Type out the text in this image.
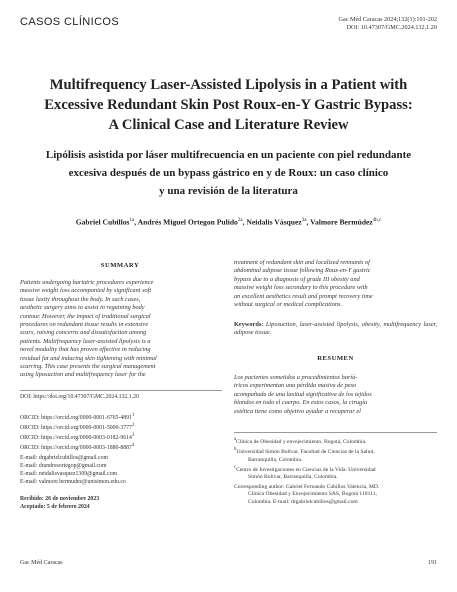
CASOS CLÍNICOS	Gac Méd Caracas 2024;132(1):191-202
DOI: 10.47307/GMC.2024.132.1.20
Multifrequency Laser-Assisted Lipolysis in a Patient with
Excessive Redundant Skin Post Roux-en-Y Gastric Bypass:
A Clinical Case and Literature Review
Lipólisis asistida por láser multifrecuencia en un paciente con piel redundante
excesiva después de un bypass gástrico en y de Roux: un caso clínico
y una revisión de la literatura
Gabriel Cubillos$^{1a}$, Andrés Miguel Ortegon Pulido$^{2a}$, Neidalis Vásquez$^{3a}$, Valmore Bermúdez$^{4b,c}$
SUMMARY
Patients undergoing bariatric procedures experience
massive weight loss accompanied by significant soft
tissue laxity throughout the body. In such cases,
aesthetic surgery aims to assist in regaining body
contour. However, the impact of traditional surgical
procedures on redundant tissue results in extensive
scars, raising concerns and dissatisfaction among
patients. Multifrequency laser-assisted lipolysis is a
novel modality that has proven effective in reducing
residual fat and inducing skin tightening with minimal
scarring. This case presents the surgical management
using liposuction and multifrequency laser for the
DOI: https://doi.org/10.47307/GMC.2024.132.1.20
ORCID: https://orcid.org/0000-0001-6765-4891$^1$
ORCID: https://orcid.org/0000-0001-5000-3777$^2$
ORCID: https://orcid.org/0000-0003-0182-9614$^3$
ORCID: https://orcid.org/0000-0003-1880-8887$^4$
E-mail: drgabrielcubillos@gmail.com
E-mail: drandresortegop@gmail.com
E-mail: neidalisvasquez1309@gmail.com
E-mail: valmore.bermudez@unisimon.edu.co
Recibido: 26 de noviembre 2023
Aceptado: 5 de febrero 2024
treatment of redundant skin and localized remnants of
abdominal adipose tissue following Roux-en-Y gastric
bypass due to a diagnosis of grade III obesity and
massive weight loss secondary to this procedure with
an excellent aesthetics result and prompt recovery time
without surgical or medical complications.
Keywords: Liposuction, laser-assisted lipolysis, obesity, multifrequency laser, adipose tissue.
RESUMEN
Los pacientes sometidos a procedimientos baríá-
tricos experimentan una pérdida masiva de peso
acompañada de una laxitud significativa de los tejidos
blandos en todo el cuerpo. En estos casos, la cirugía
estética tiene como objetivo ayudar a recuperar el
$^a$Clínica de Obesidad y envejecimiento, Bogotá, Colombia.
$^b$Universidad Simón Bolívar. Facultad de Ciencias de la Salud,
Barranquilla, Colombia.
$^c$Centro de Investigaciones en Ciencias de la Vida. Universidad
Simón Bolívar, Barranquilla, Colombia.
Corresponding author: Gabriel Fernando Cubillos Valencia, MD.
Clínica Obesidad y Envejecimiento SAS, Bogotá 110111,
Colombia. E-mail: drgabrielcubillos@gmail.com
Gac Méd Caracas	191
